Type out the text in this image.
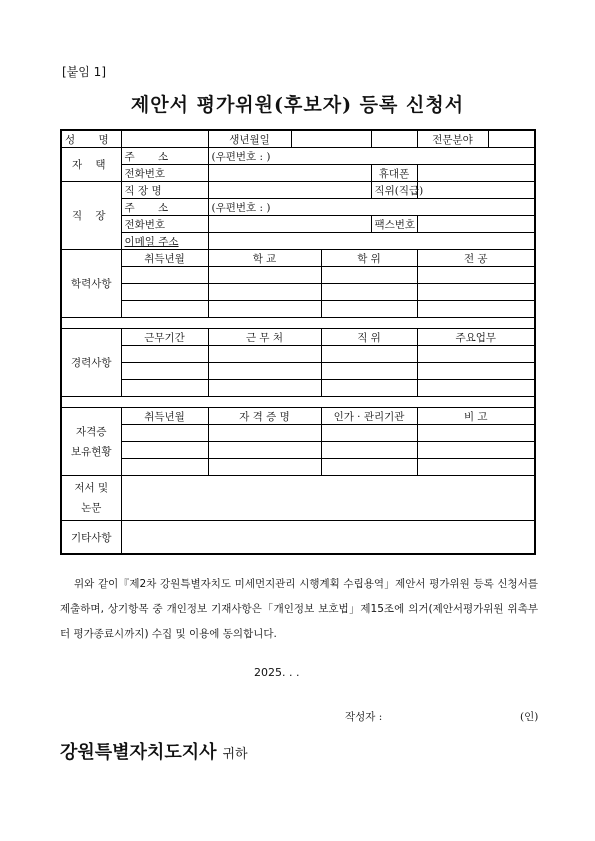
[붙임 1]
제안서 평가위원(후보자) 등록 신청서
성 명		생년월일				전문분야	
자 택	주 소	(우편번호 : )					
	전화번호				휴대폰		
직 장	직 장 명				직위(직급)		
	주 소	(우편번호 : )					
	전화번호				팩스번호		
	이메일 주소						
학력사항	취득년월	학 교		학 위		전 공	

경력사항	근무기간	근 무 처		직 위		주요업무	

자격증
보유현황	취득년월	자 격 증 명		인가 · 관리기관		비 고	

저서 및
논문							

기타사항							
위와 같이『제2차 강원특별자치도 미세먼지관리 시행계획 수립용역」제안서 평가위원 등록 신청서를 제출하며, 상기항목 중 개인정보 기재사항은「개인정보 보호법」제15조에 의거(제안서평가위원 위촉부터 평가종료시까지) 수집 및 이용에 동의합니다.
2025. . .
작성자 :	(인)
강원특별자치도지사 귀하
